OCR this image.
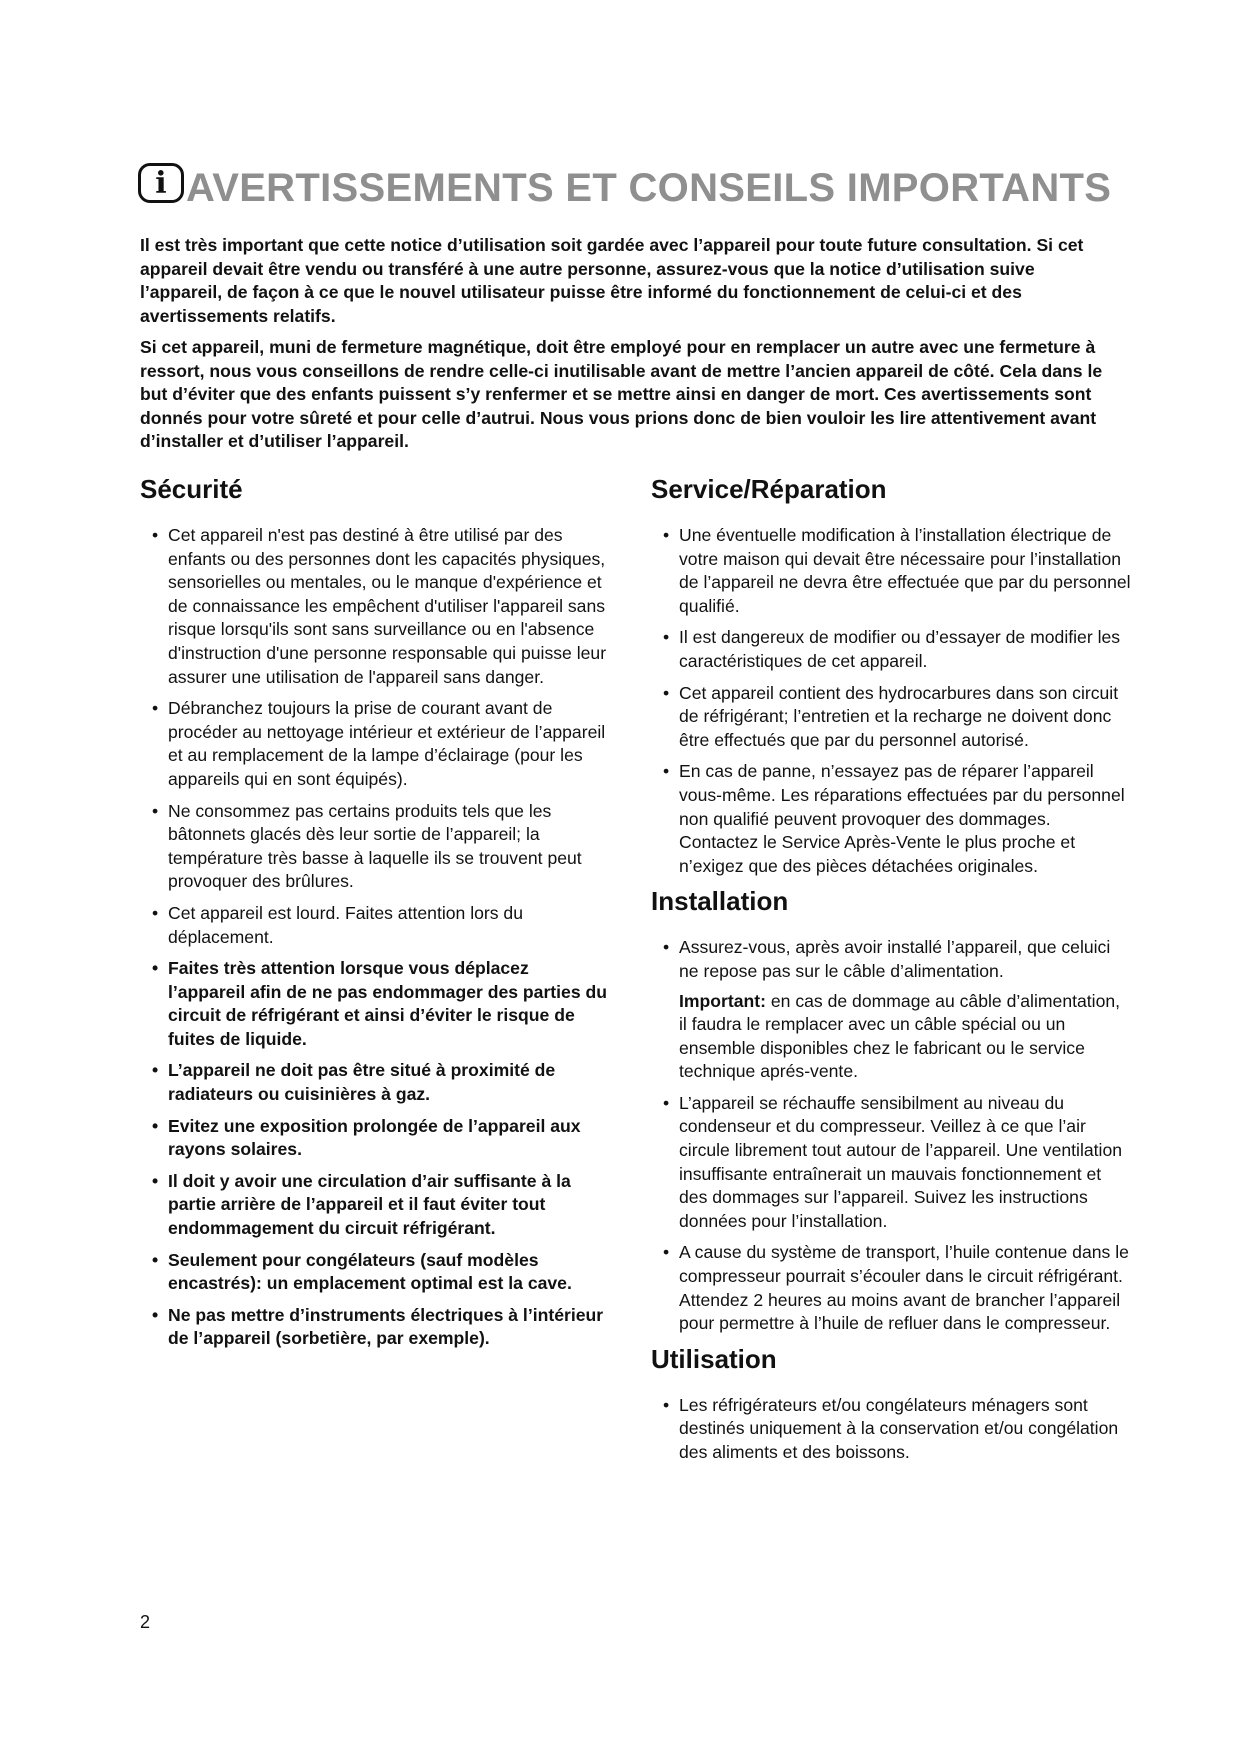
i AVERTISSEMENTS ET CONSEILS IMPORTANTS

Il est très important que cette notice d’utilisation soit gardée avec l’appareil pour toute future consultation. Si cet appareil devait être vendu ou transféré à une autre personne, assurez-vous que la notice d’utilisation suive l’appareil, de façon à ce que le nouvel utilisateur puisse être informé du fonctionnement de celui-ci et des avertissements relatifs.

Si cet appareil, muni de fermeture magnétique, doit être employé pour en remplacer un autre avec une fermeture à ressort, nous vous conseillons de rendre celle-ci inutilisable avant de mettre l’ancien appareil de côté. Cela dans le but d’éviter que des enfants puissent s’y renfermer et se mettre ainsi en danger de mort. Ces avertissements sont donnés pour votre sûreté et pour celle d’autrui. Nous vous prions donc de bien vouloir les lire attentivement avant d’installer et d’utiliser l’appareil.

Sécurité
• Cet appareil n'est pas destiné à être utilisé par des enfants ou des personnes dont les capacités physiques, sensorielles ou mentales, ou le manque d'expérience et de connaissance les empêchent d'utiliser l'appareil sans risque lorsqu'ils sont sans surveillance ou en l'absence d'instruction d'une personne responsable qui puisse leur assurer une utilisation de l'appareil sans danger.
• Débranchez toujours la prise de courant avant de procéder au nettoyage intérieur et extérieur de l’appareil et au remplacement de la lampe d’éclairage (pour les appareils qui en sont équipés).
• Ne consommez pas certains produits tels que les bâtonnets glacés dès leur sortie de l’appareil; la température très basse à laquelle ils se trouvent peut provoquer des brûlures.
• Cet appareil est lourd. Faites attention lors du déplacement.
• Faites très attention lorsque vous déplacez l’appareil afin de ne pas endommager des parties du circuit de réfrigérant et ainsi d’éviter le risque de fuites de liquide.
• L’appareil ne doit pas être situé à proximité de radiateurs ou cuisinières à gaz.
• Evitez une exposition prolongée de l’appareil aux rayons solaires.
• Il doit y avoir une circulation d’air suffisante à la partie arrière de l’appareil et il faut éviter tout endommagement du circuit réfrigérant.
• Seulement pour congélateurs (sauf modèles encastrés): un emplacement optimal est la cave.
• Ne pas mettre d’instruments électriques à l’intérieur de l’appareil (sorbetière, par exemple).
Service/Réparation
• Une éventuelle modification à l’installation électrique de votre maison qui devait être nécessaire pour l’installation de l’appareil ne devra être effectuée que par du personnel qualifié.
• Il est dangereux de modifier ou d’essayer de modifier les caractéristiques de cet appareil.
• Cet appareil contient des hydrocarbures dans son circuit de réfrigérant; l’entretien et la recharge ne doivent donc être effectués que par du personnel autorisé.
• En cas de panne, n’essayez pas de réparer l’appareil vous-même. Les réparations effectuées par du personnel non qualifié peuvent provoquer des dommages. Contactez le Service Après-Vente le plus proche et n’exigez que des pièces détachées originales.
Installation
• Assurez-vous, après avoir installé l’appareil, que celuici ne repose pas sur le câble d’alimentation.
Important: en cas de dommage au câble d’alimentation, il faudra le remplacer avec un câble spécial ou un ensemble disponibles chez le fabricant ou le service technique aprés-vente.
• L’appareil se réchauffe sensibilment au niveau du condenseur et du compresseur. Veillez à ce que l’air circule librement tout autour de l’appareil. Une ventilation insuffisante entraînerait un mauvais fonctionnement et des dommages sur l’appareil. Suivez les instructions données pour l’installation.
• A cause du système de transport, l’huile contenue dans le compresseur pourrait s’écouler dans le circuit réfrigérant. Attendez 2 heures au moins avant de brancher l’appareil pour permettre à l’huile de refluer dans le compresseur.
Utilisation
• Les réfrigérateurs et/ou congélateurs ménagers sont destinés uniquement à la conservation et/ou congélation des aliments et des boissons.
2
